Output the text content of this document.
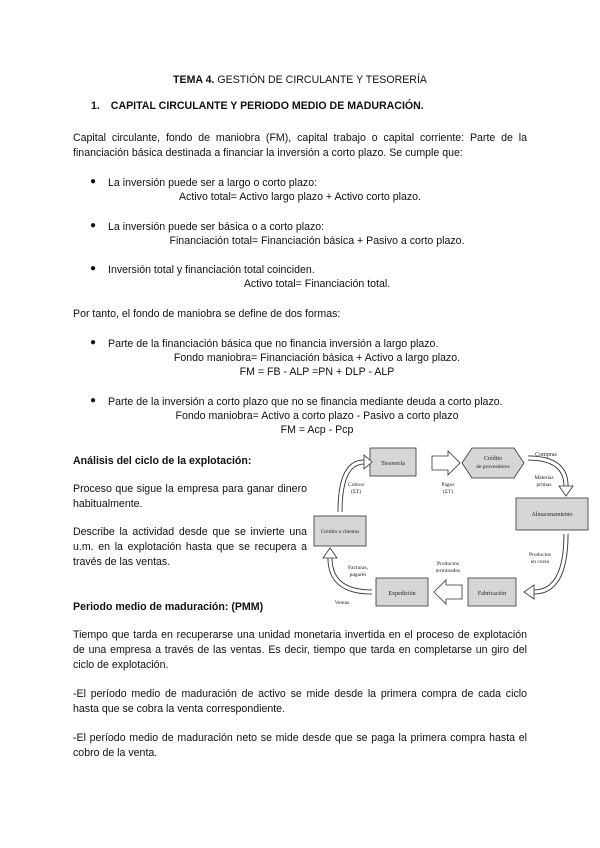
TEMA 4. GESTIÓN DE CIRCULANTE Y TESORERÍA
1. CAPITAL CIRCULANTE Y PERIODO MEDIO DE MADURACIÓN.
Capital circulante, fondo de maniobra (FM), capital trabajo o capital corriente: Parte de la financiación básica destinada a financiar la inversión a corto plazo. Se cumple que:
● La inversión puede ser a largo o corto plazo:
Activo total= Activo largo plazo + Activo corto plazo.
● La inversión puede ser básica o a corto plazo:
Financiación total= Financiación básica + Pasivo a corto plazo.
● Inversión total y financiación total coinciden.
Activo total= Financiación total.
Por tanto, el fondo de maniobra se define de dos formas:
● Parte de la financiación básica que no financia inversión a largo plazo.
Fondo maniobra= Financiación básica + Activo a largo plazo.
FM = FB - ALP =PN + DLP - ALP
● Parte de la inversión a corto plazo que no se financia mediante deuda a corto plazo.
Fondo maniobra= Activo a corto plazo - Pasivo a corto plazo
FM = Acp - Pcp
Análisis del ciclo de la explotación:
Proceso que sigue la empresa para ganar dinero habitualmente.
Describe la actividad desde que se invierte una u.m. en la explotación hasta que se recupera a través de las ventas.
Tesorería
Crédito
de proveedores
Pagos
(ΣT)
Compras
Materias
primas
Almacenamiento
Productos
en curso
Fabricación
Productos
terminados
Expedición
Facturas,
pagarés
Ventas
Crédito a clientes
Cobros
(ΣT)
Periodo medio de maduración: (PMM)
Tiempo que tarda en recuperarse una unidad monetaria invertida en el proceso de explotación de una empresa a través de las ventas. Es decir, tiempo que tarda en completarse un giro del ciclo de explotación.
-El período medio de maduración de activo se mide desde la primera compra de cada ciclo hasta que se cobra la venta correspondiente.
-El período medio de maduración neto se mide desde que se paga la primera compra hasta el cobro de la venta.
